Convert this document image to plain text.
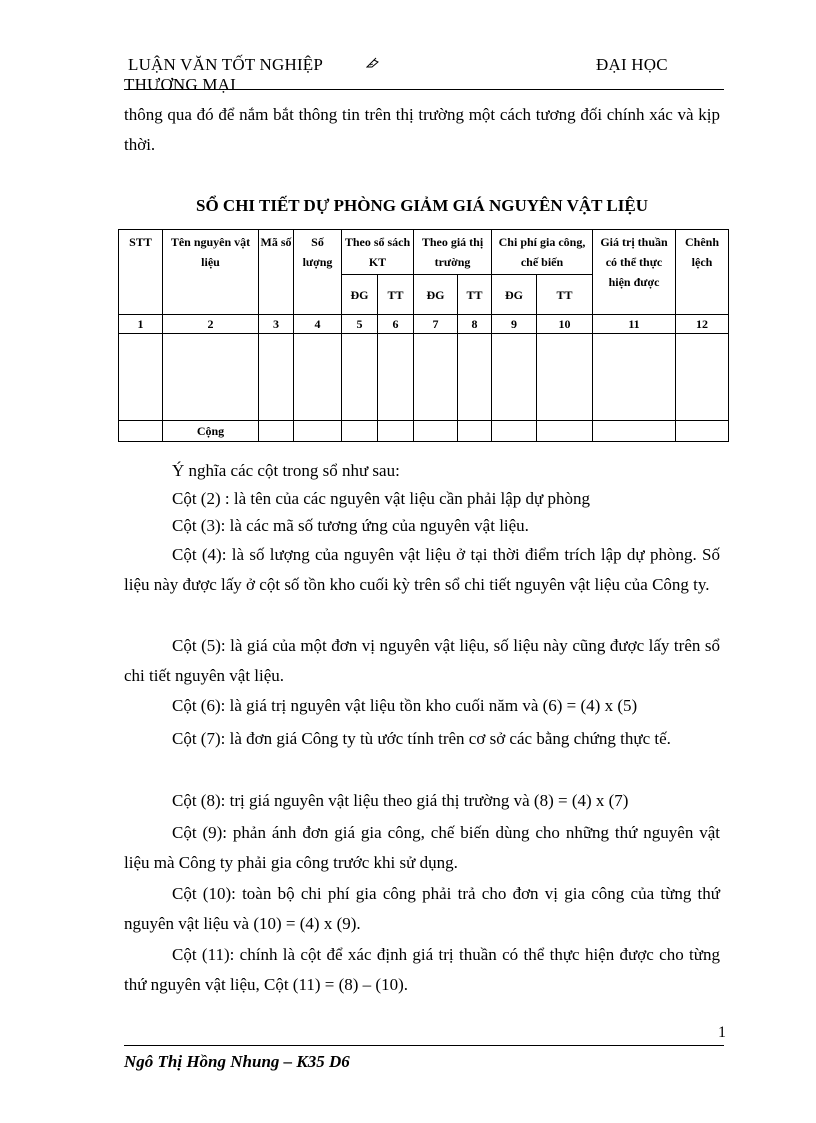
LUẬN VĂN TỐT NGHIỆP	ĐẠI HỌC
THƯƠNG MẠI
thông qua đó để nắm bắt thông tin trên thị trường một cách tương đối chính xác và kịp thời.
SỔ CHI TIẾT DỰ PHÒNG GIẢM GIÁ NGUYÊN VẬT LIỆU
STT	Tên nguyên vật liệu	Mã số	Số lượng	Theo sổ sách KT		Theo giá thị trường		Chi phí gia công, chế biến		Giá trị thuần có thể thực hiện được	Chênh lệch
				ĐG	TT	ĐG	TT	ĐG	TT		
1	2	3	4	5	6	7	8	9	10	11	12

	Cộng										
Ý nghĩa các cột trong sổ như sau:
Cột (2) : là tên của các nguyên vật liệu cần phải lập dự phòng
Cột (3): là các mã số tương ứng của nguyên vật liệu.
Cột (4): là số lượng của nguyên vật liệu ở tại thời điểm trích lập dự phòng. Số liệu này được lấy ở cột số tồn kho cuối kỳ trên sổ chi tiết nguyên vật liệu của Công ty.
Cột (5): là giá của một đơn vị nguyên vật liệu, số liệu này cũng được lấy trên sổ chi tiết nguyên vật liệu.
Cột (6): là giá trị nguyên vật liệu tồn kho cuối năm và (6) = (4) x (5)
Cột (7): là đơn giá Công ty tù ước tính trên cơ sở các bằng chứng thực tế.
Cột (8): trị giá nguyên vật liệu theo giá thị trường và (8) = (4) x (7)
Cột (9): phản ánh đơn giá gia công, chế biến dùng cho những thứ nguyên vật liệu mà Công ty phải gia công trước khi sử dụng.
Cột (10): toàn bộ chi phí gia công phải trả cho đơn vị gia công của từng thứ nguyên vật liệu và (10) = (4) x (9).
Cột (11): chính là cột để xác định giá trị thuần có thể thực hiện được cho từng thứ nguyên vật liệu, Cột (11) = (8) – (10).
1
Ngô Thị Hồng Nhung – K35 D6
